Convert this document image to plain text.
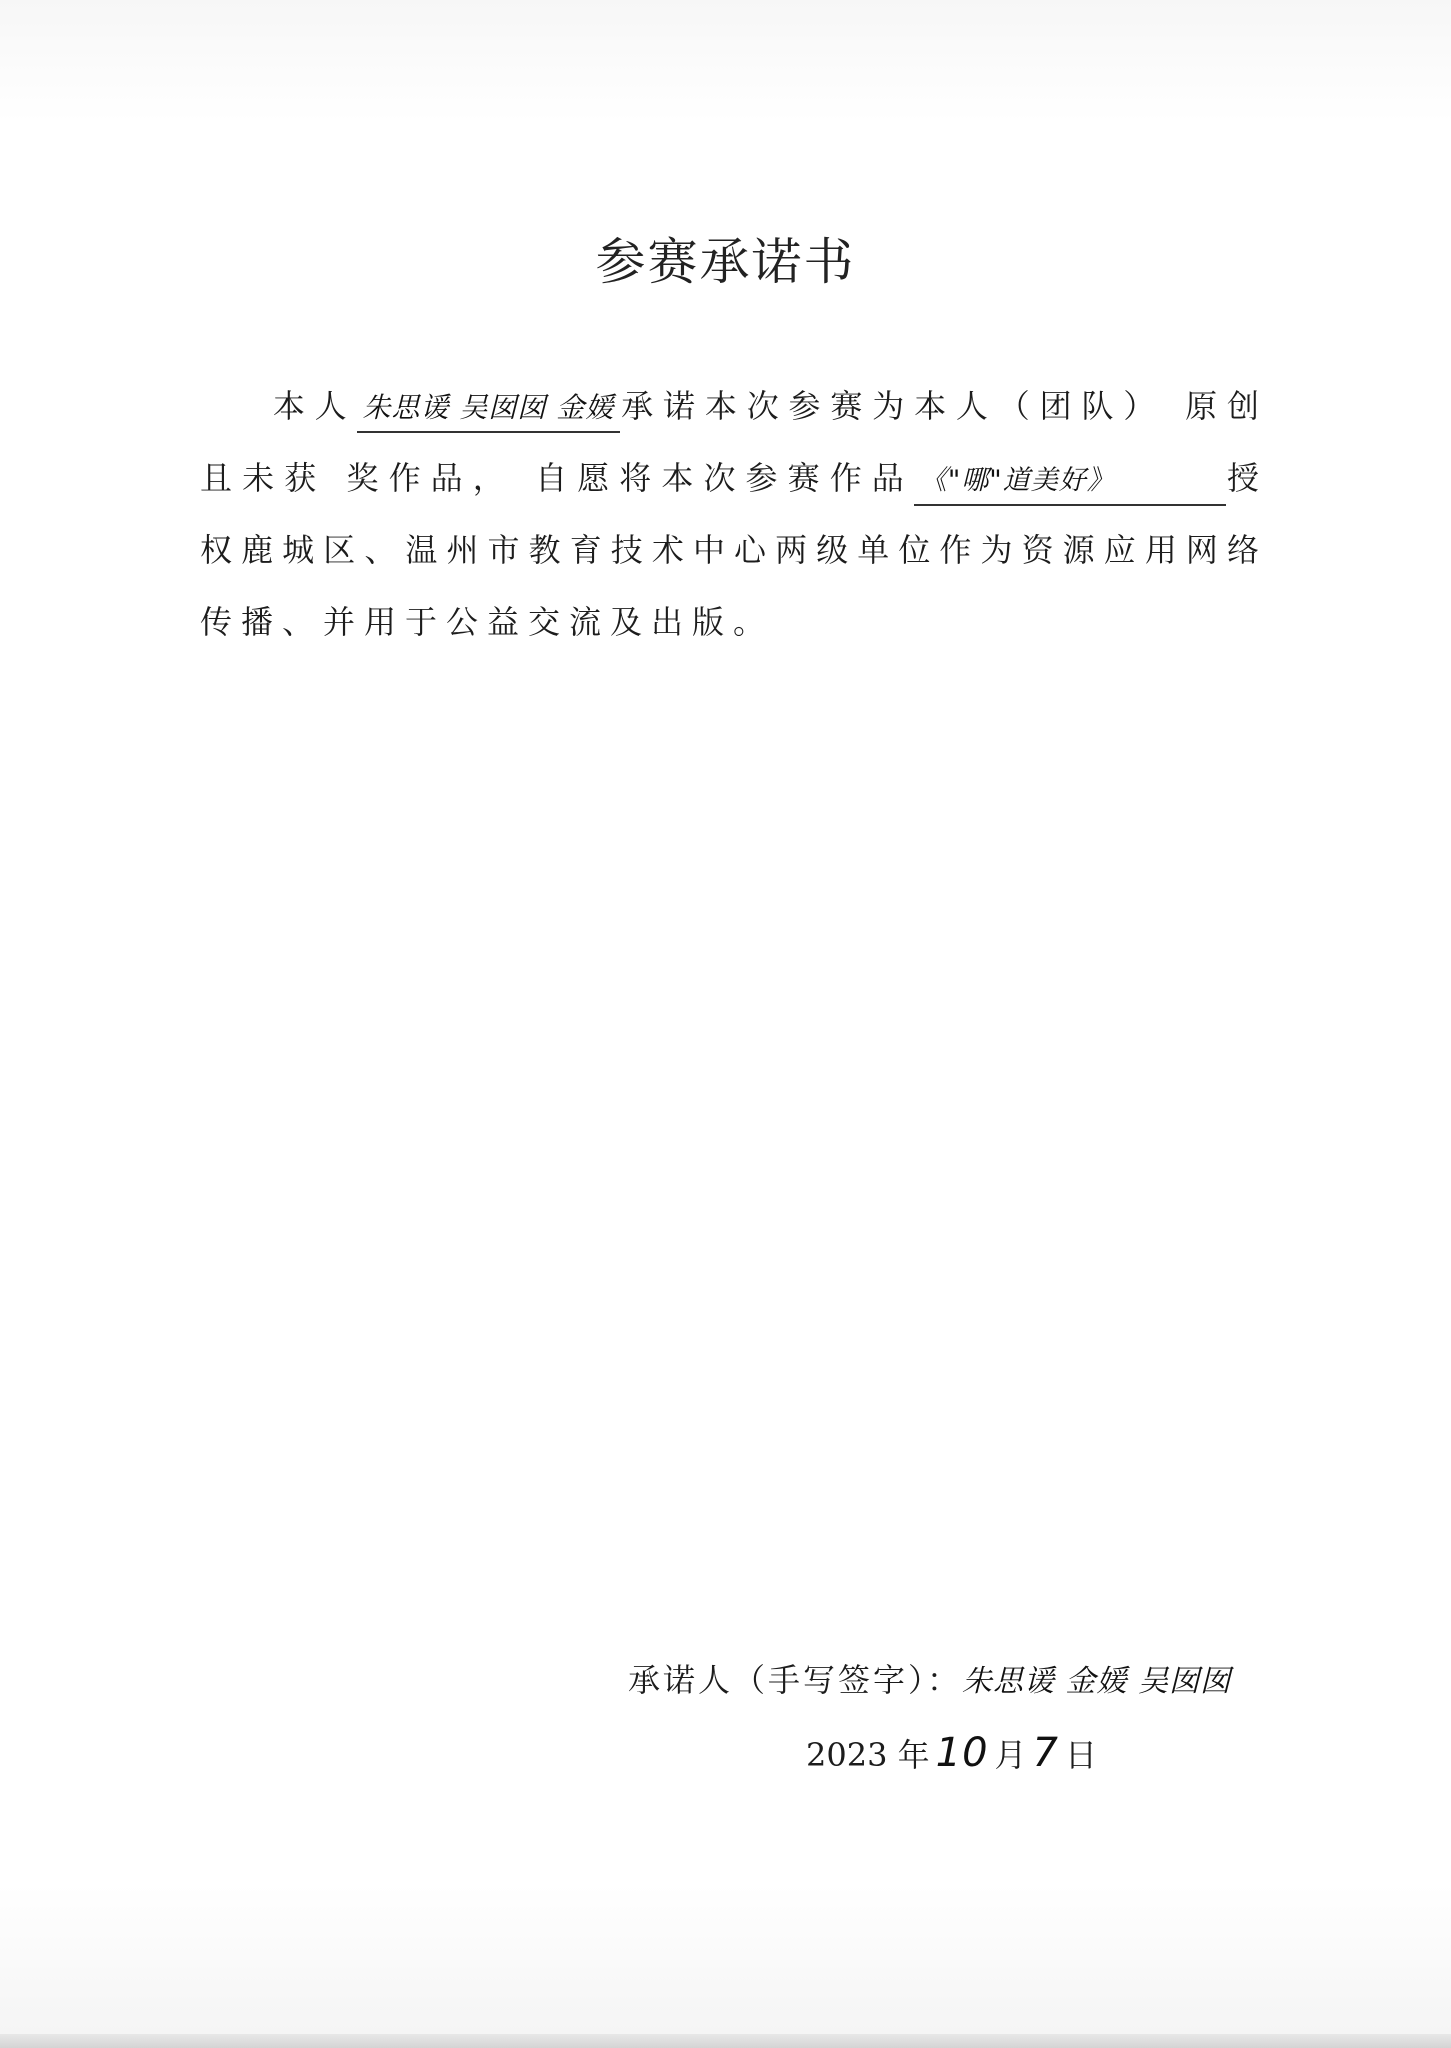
参赛承诺书
本人 朱思谖 吴囡囡 金媛 承诺本次参赛为本人（团队） 原创且未获 奖作品， 自愿将本次参赛作品 《"哪"道美好》	授权鹿城区、温州市教育技术中心两级单位作为资源应用网络传播、并用于公益交流及出版。
承诺人（手写签字）：朱思谖 金媛 吴囡囡
2023 年 10 月 7 日
